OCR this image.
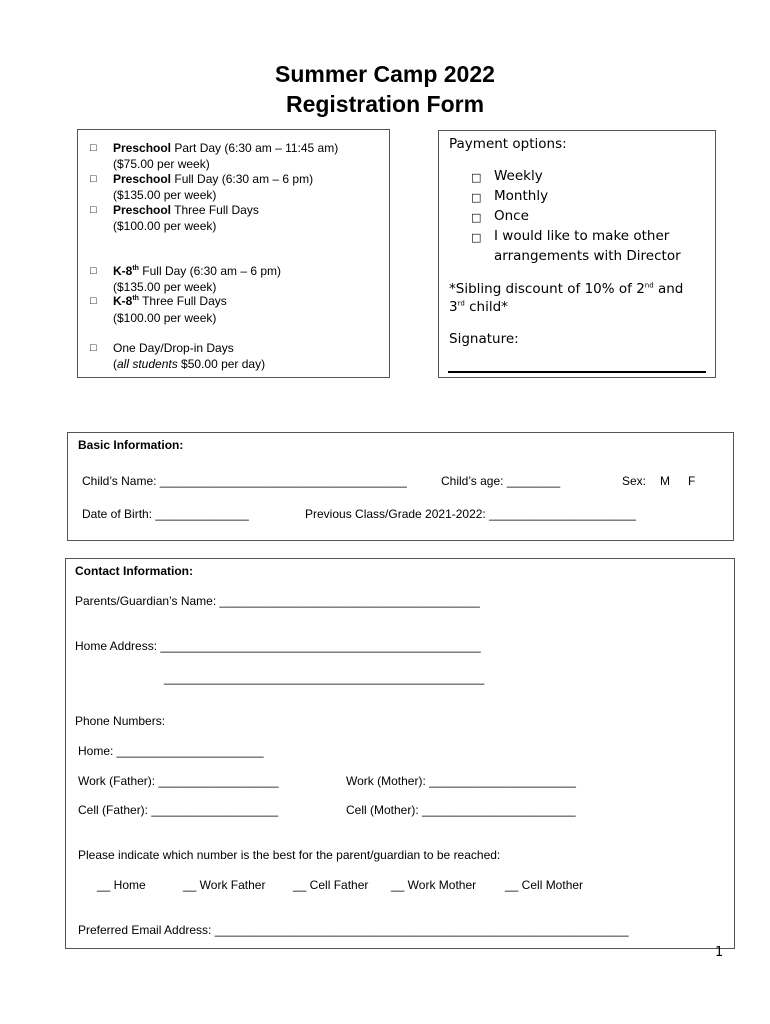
Summer Camp 2022
Registration Form
□ Preschool Part Day (6:30 am – 11:45 am)
($75.00 per week)
□ Preschool Full Day (6:30 am – 6 pm)
($135.00 per week)
□ Preschool Three Full Days
($100.00 per week)
□ K-8th Full Day (6:30 am – 6 pm)
($135.00 per week)
□ K-8th Three Full Days
($100.00 per week)
□ One Day/Drop-in Days
(all students $50.00 per day)
Payment options:
□ Weekly
□ Monthly
□ Once
□ I would like to make other
arrangements with Director
*Sibling discount of 10% of 2nd and
3rd child*
Signature:
Basic Information:
Child’s Name: _____________________________________	Child’s age: ________	Sex: M F
Date of Birth: ______________	Previous Class/Grade 2021-2022: ______________________
Contact Information:
Parents/Guardian’s Name: _______________________________________
Home Address: ________________________________________________
________________________________________________
Phone Numbers:
Home: ______________________
Work (Father): __________________	Work (Mother): ______________________
Cell (Father): ___________________	Cell (Mother): _______________________
Please indicate which number is the best for the parent/guardian to be reached:
__ Home	__ Work Father __ Cell Father __ Work Mother __ Cell Mother
Preferred Email Address: ______________________________________________________________
1
